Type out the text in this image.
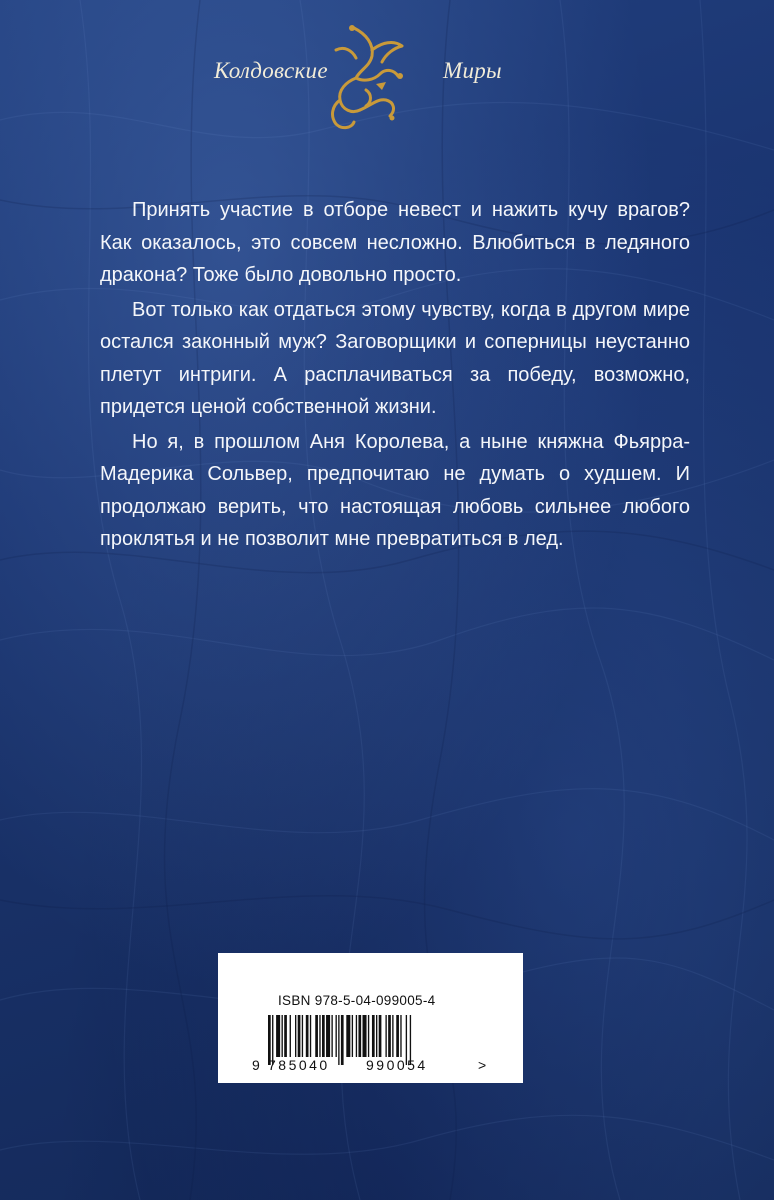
Колдовские	Миры

Принять участие в отборе невест и нажить кучу врагов? Как оказалось, это совсем несложно. Влюбиться в ледяного дракона? Тоже было довольно просто.

Вот только как отдаться этому чувству, когда в другом мире остался законный муж? Заговорщики и соперницы неустанно плетут интриги. А расплачиваться за победу, возможно, придется ценой собственной жизни.

Но я, в прошлом Аня Королева, а ныне княжна Фьярра-Мадерика Сольвер, предпочитаю не думать о худшем. И продолжаю верить, что настоящая любовь сильнее любого проклятья и не позволит мне превратиться в лед.

ISBN 978-5-04-099005-4
9 785040	990054	>
